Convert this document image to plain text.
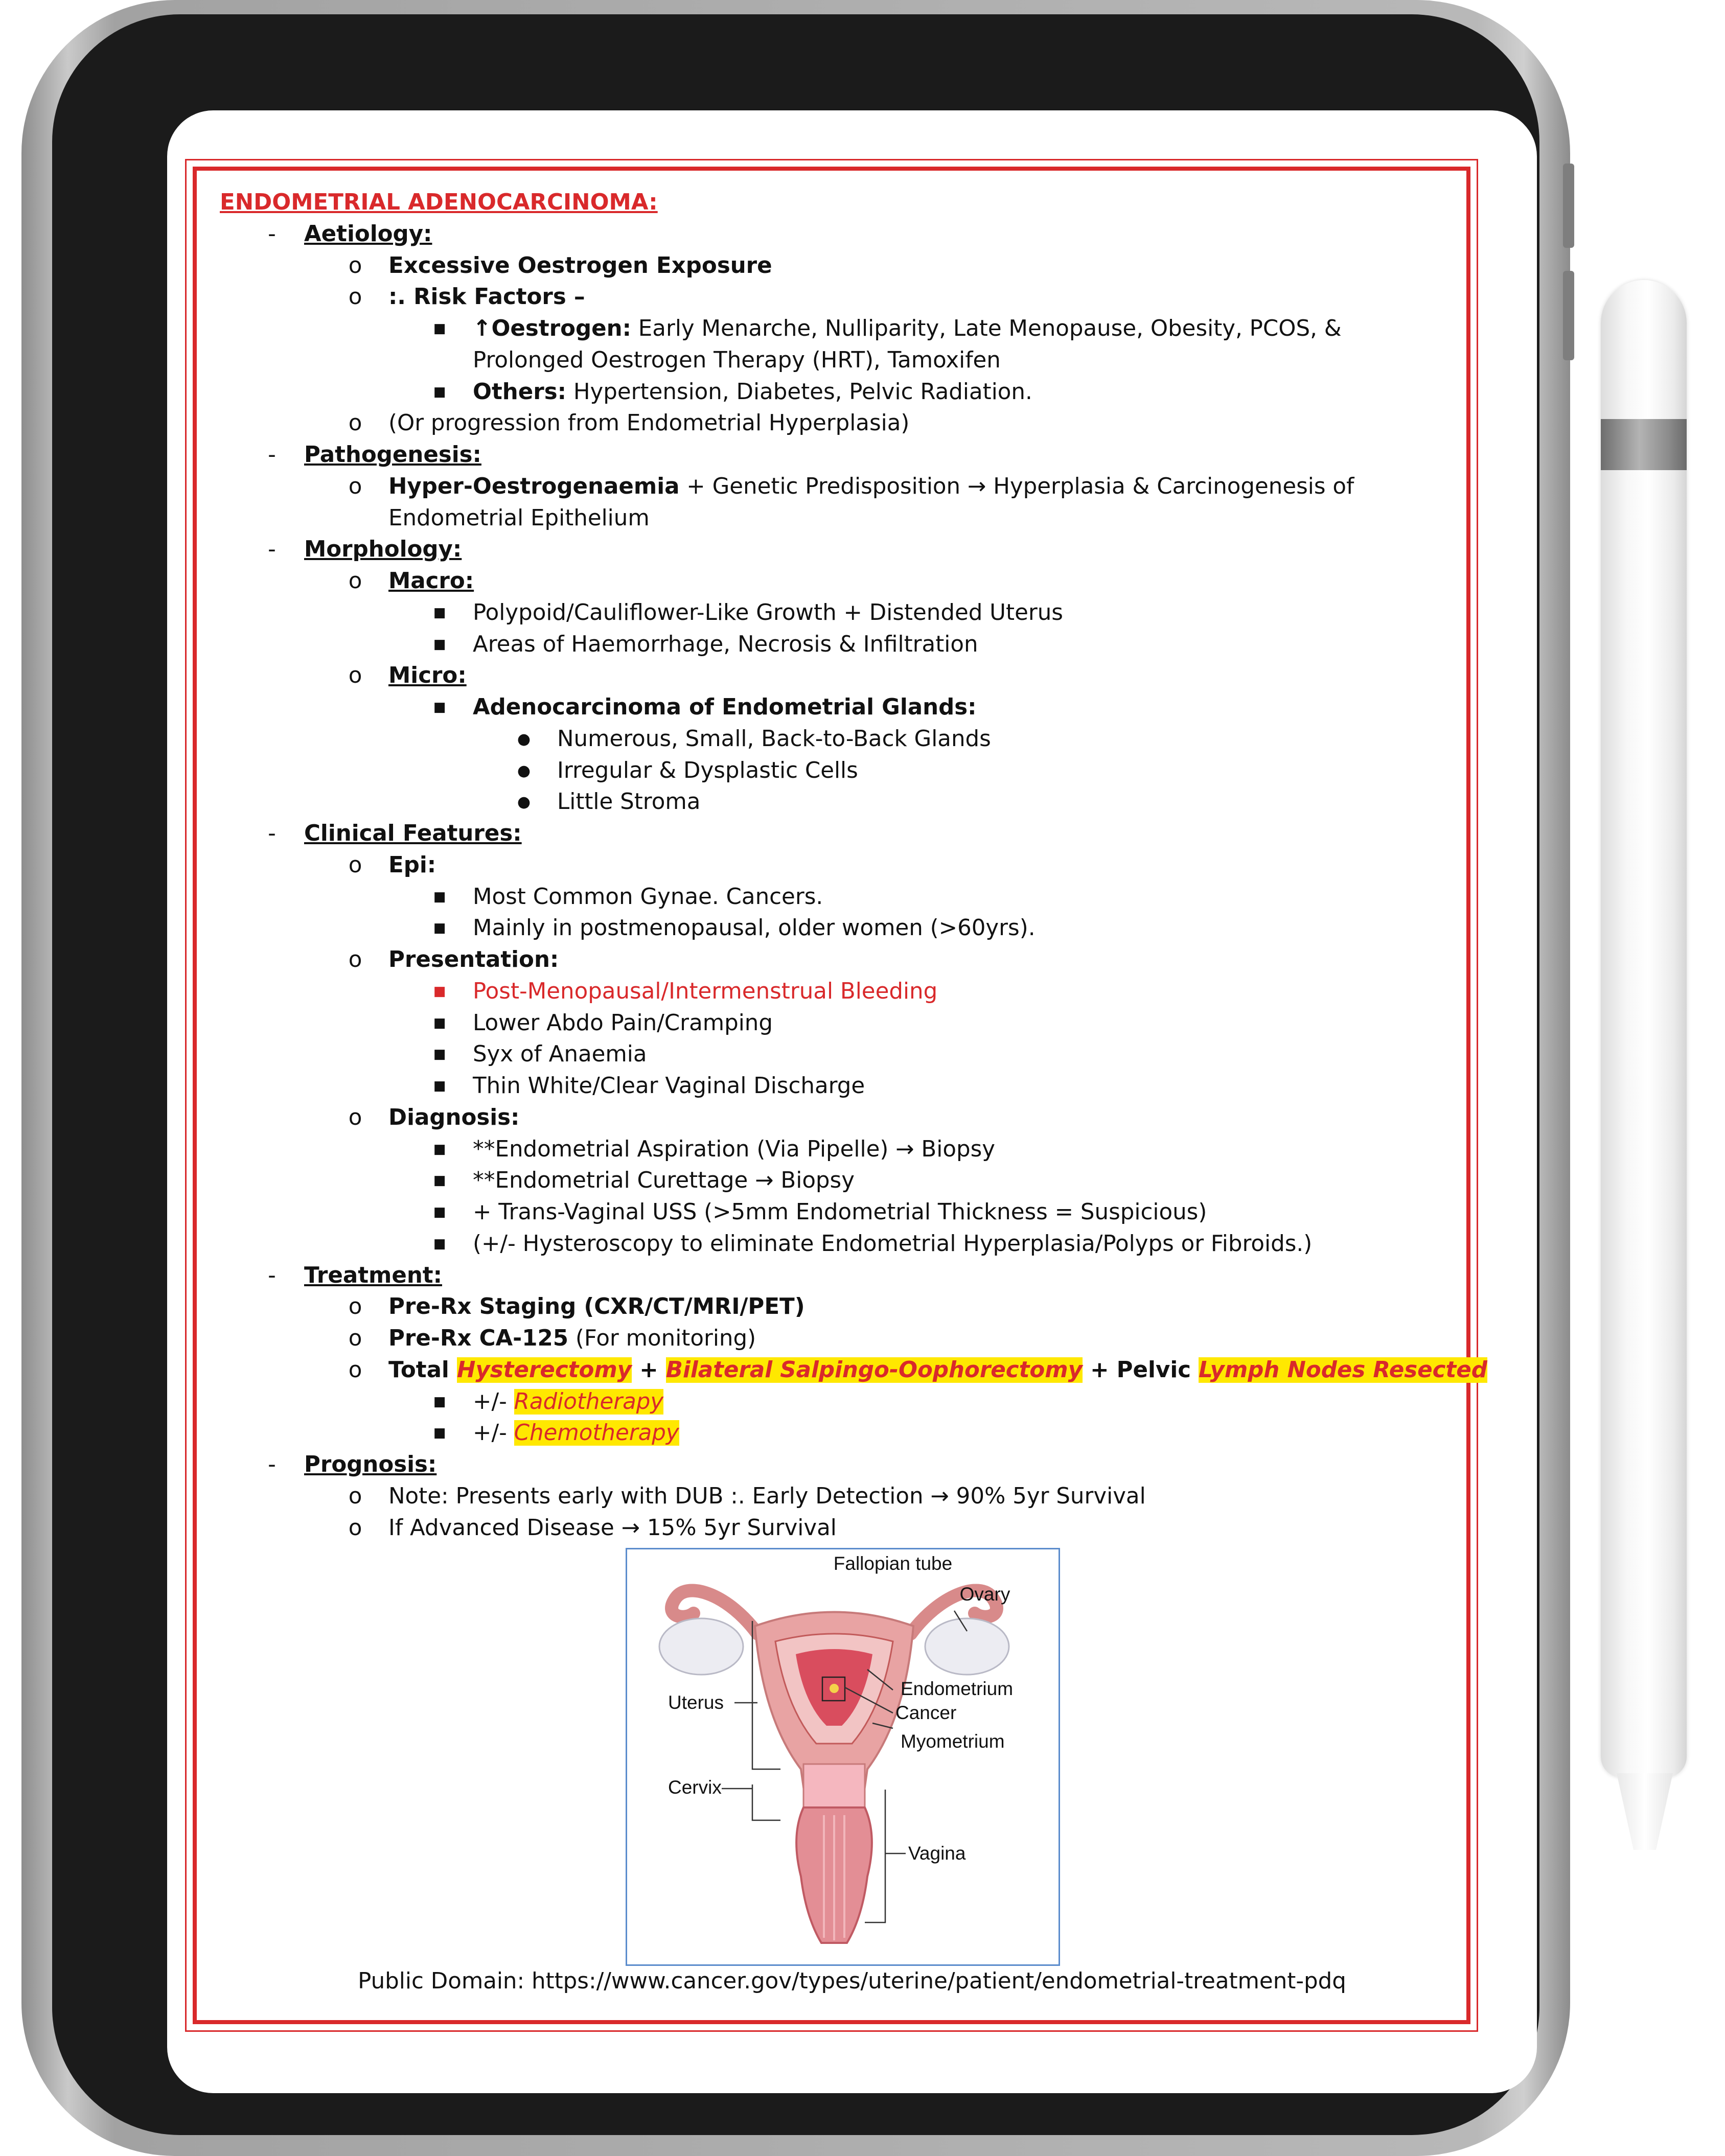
ENDOMETRIAL ADENOCARCINOMA:
- Aetiology:
o Excessive Oestrogen Exposure
o :. Risk Factors –
■ ↑Oestrogen: Early Menarche, Nulliparity, Late Menopause, Obesity, PCOS, & Prolonged Oestrogen Therapy (HRT), Tamoxifen
■ Others: Hypertension, Diabetes, Pelvic Radiation.
o (Or progression from Endometrial Hyperplasia)
- Pathogenesis:
o Hyper-Oestrogenaemia + Genetic Predisposition → Hyperplasia & Carcinogenesis of Endometrial Epithelium
- Morphology:
o Macro:
■ Polypoid/Cauliflower-Like Growth + Distended Uterus
■ Areas of Haemorrhage, Necrosis & Infiltration
o Micro:
■ Adenocarcinoma of Endometrial Glands:
● Numerous, Small, Back-to-Back Glands
● Irregular & Dysplastic Cells
● Little Stroma
- Clinical Features:
o Epi:
■ Most Common Gynae. Cancers.
■ Mainly in postmenopausal, older women (>60yrs).
o Presentation:
■ Post-Menopausal/Intermenstrual Bleeding
■ Lower Abdo Pain/Cramping
■ Syx of Anaemia
■ Thin White/Clear Vaginal Discharge
o Diagnosis:
■ **Endometrial Aspiration (Via Pipelle) → Biopsy
■ **Endometrial Curettage → Biopsy
■ + Trans-Vaginal USS (>5mm Endometrial Thickness = Suspicious)
■ (+/- Hysteroscopy to eliminate Endometrial Hyperplasia/Polyps or Fibroids.)
- Treatment:
o Pre-Rx Staging (CXR/CT/MRI/PET)
o Pre-Rx CA-125 (For monitoring)
o Total Hysterectomy + Bilateral Salpingo-Oophorectomy + Pelvic Lymph Nodes Resected
■ +/- Radiotherapy
■ +/- Chemotherapy
- Prognosis:
o Note: Presents early with DUB :. Early Detection → 90% 5yr Survival
o If Advanced Disease → 15% 5yr Survival
Fallopian tube
Ovary
Uterus
Endometrium
Cancer
Myometrium
Cervix
Vagina
Public Domain: https://www.cancer.gov/types/uterine/patient/endometrial-treatment-pdq
